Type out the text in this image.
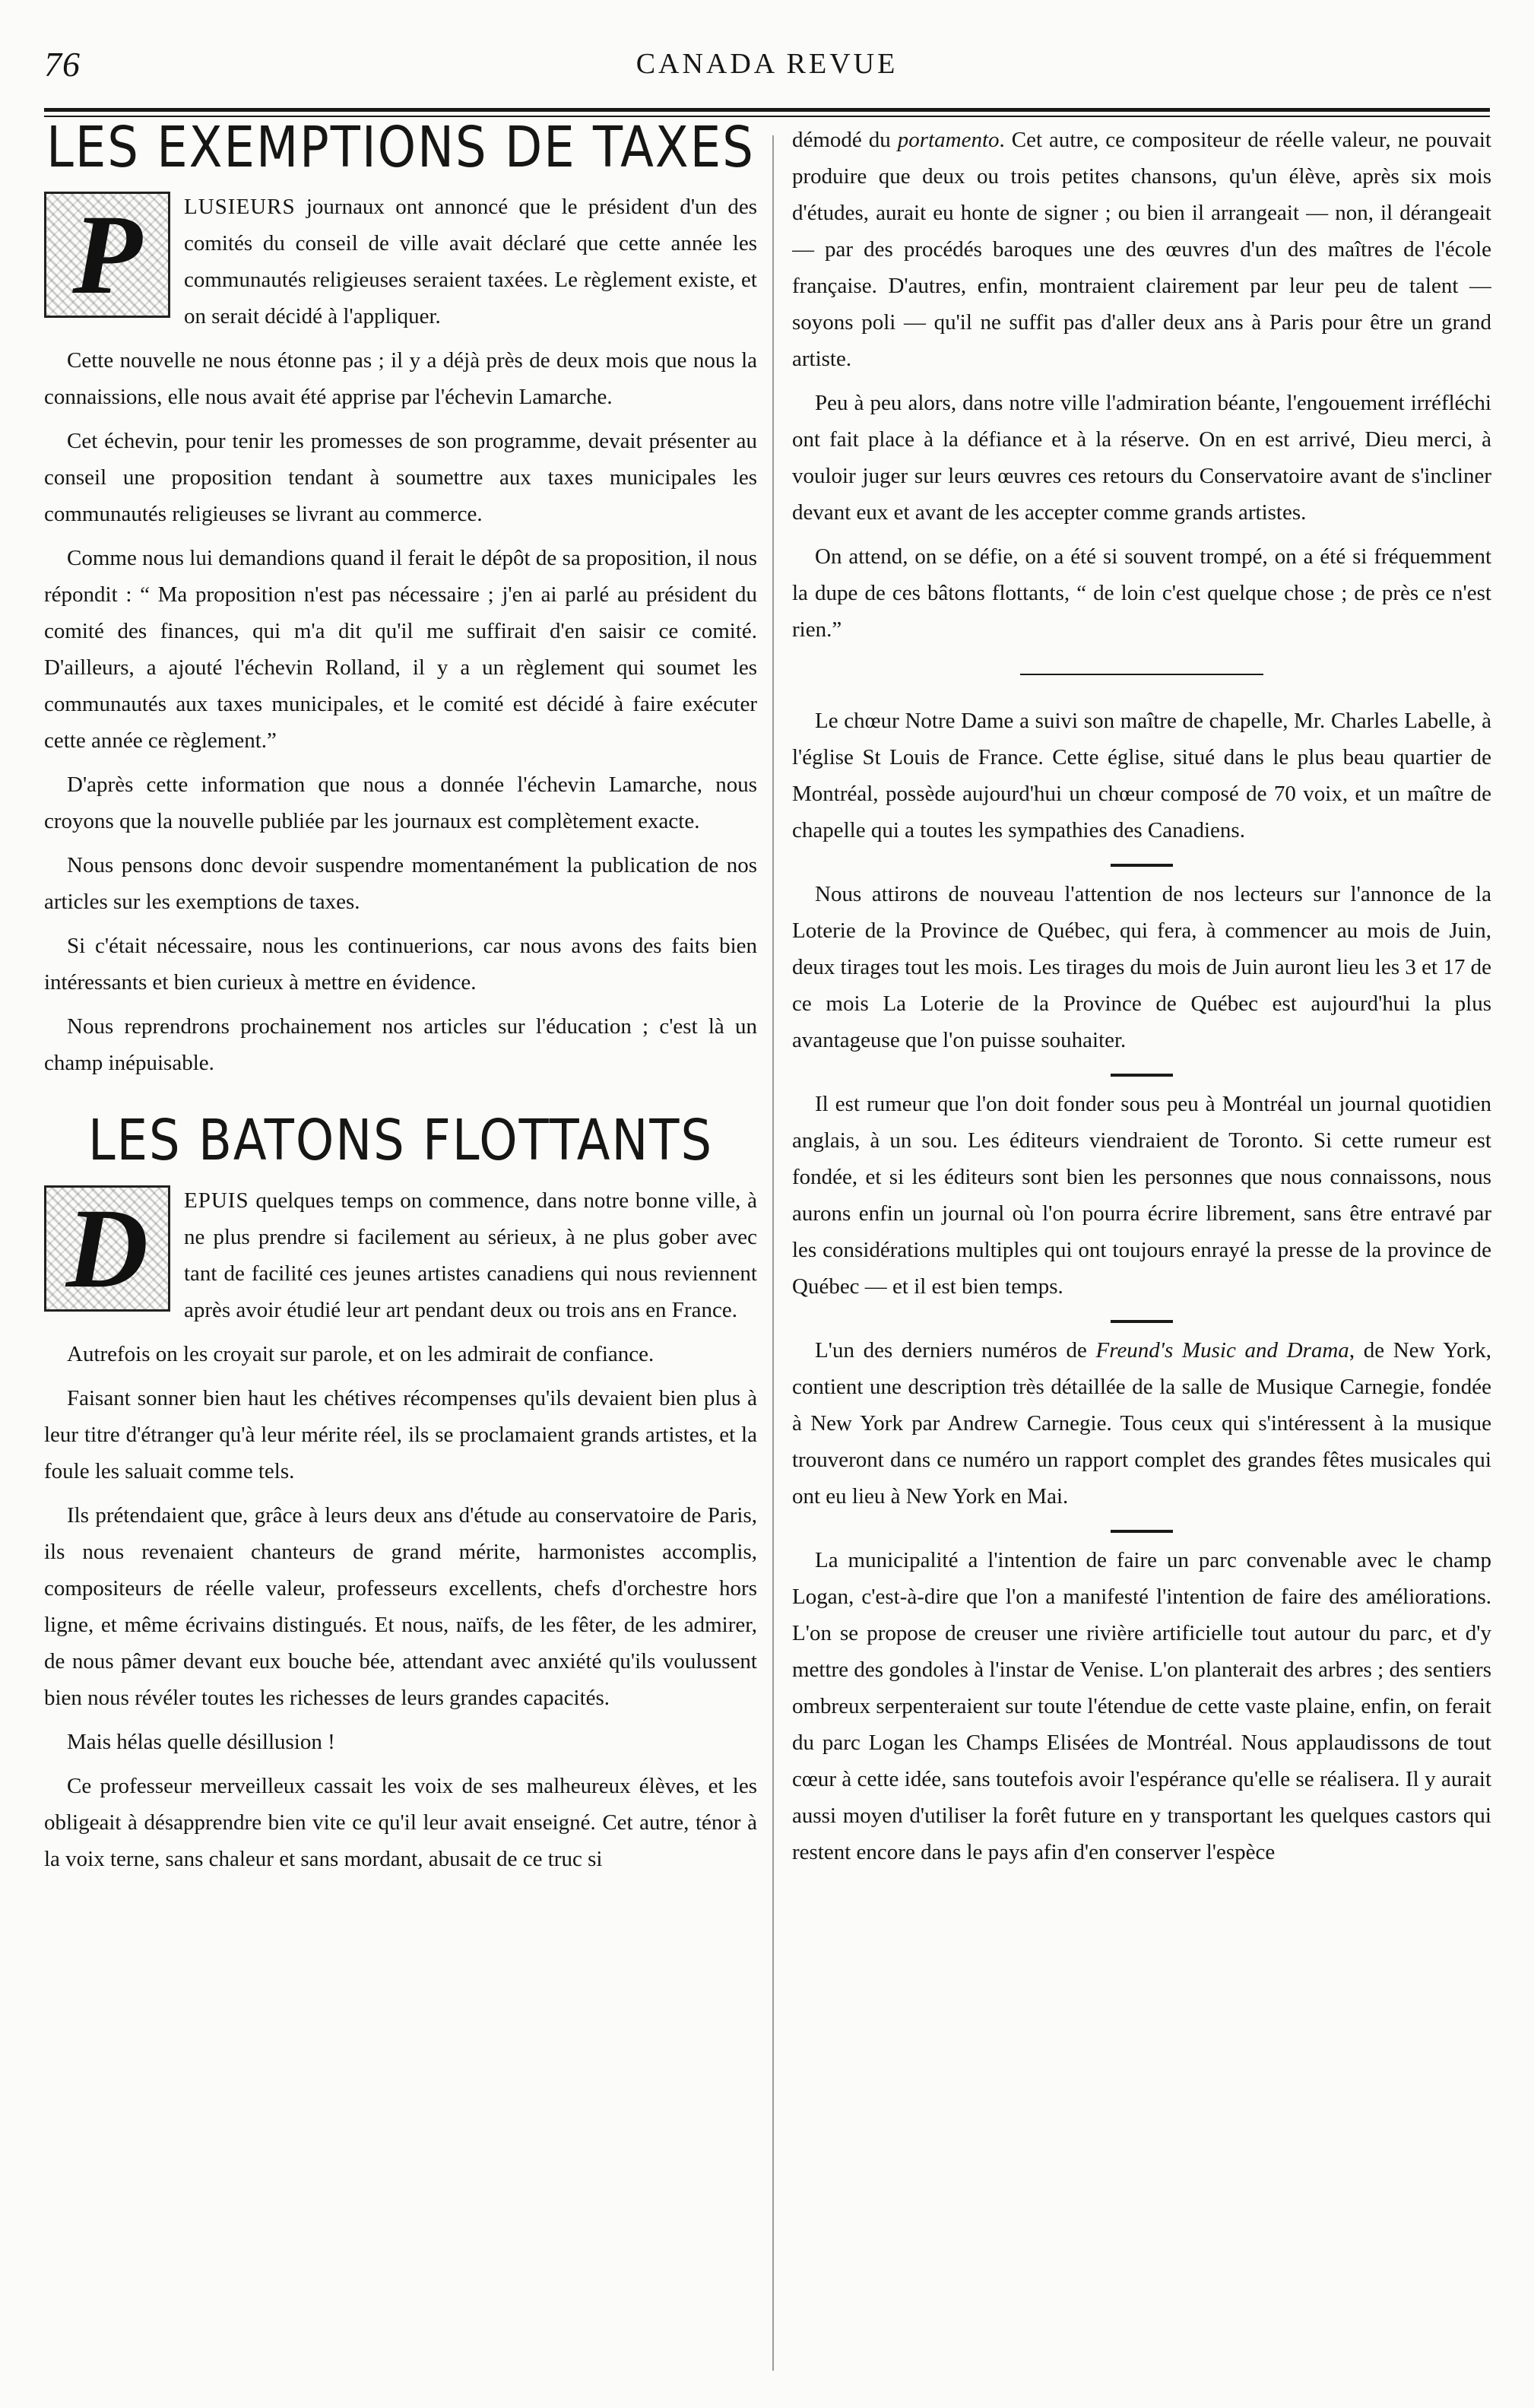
76	CANADA REVUE
LES EXEMPTIONS DE TAXES

P	LUSIEURS journaux ont annoncé que le président d'un des comités du conseil de ville avait déclaré que cette année les communautés religieuses seraient taxées. Le règlement existe, et on serait décidé à l'appliquer.

Cette nouvelle ne nous étonne pas ; il y a déjà près de deux mois que nous la connaissions, elle nous avait été apprise par l'échevin Lamarche.

Cet échevin, pour tenir les promesses de son programme, devait présenter au conseil une proposition tendant à soumettre aux taxes municipales les communautés religieuses se livrant au commerce.

Comme nous lui demandions quand il ferait le dépôt de sa proposition, il nous répondit : “ Ma proposition n'est pas nécessaire ; j'en ai parlé au président du comité des finances, qui m'a dit qu'il me suffirait d'en saisir ce comité. D'ailleurs, a ajouté l'échevin Rolland, il y a un règlement qui soumet les communautés aux taxes municipales, et le comité est décidé à faire exécuter cette année ce règlement.”

D'après cette information que nous a donnée l'échevin Lamarche, nous croyons que la nouvelle publiée par les journaux est complètement exacte.

Nous pensons donc devoir suspendre momentanément la publication de nos articles sur les exemptions de taxes.

Si c'était nécessaire, nous les continuerions, car nous avons des faits bien intéressants et bien curieux à mettre en évidence.

Nous reprendrons prochainement nos articles sur l'éducation ; c'est là un champ inépuisable.

LES BATONS FLOTTANTS

D	EPUIS quelques temps on commence, dans notre bonne ville, à ne plus prendre si facilement au sérieux, à ne plus gober avec tant de facilité ces jeunes artistes canadiens qui nous reviennent après avoir étudié leur art pendant deux ou trois ans en France.

Autrefois on les croyait sur parole, et on les admirait de confiance.

Faisant sonner bien haut les chétives récompenses qu'ils devaient bien plus à leur titre d'étranger qu'à leur mérite réel, ils se proclamaient grands artistes, et la foule les saluait comme tels.

Ils prétendaient que, grâce à leurs deux ans d'étude au conservatoire de Paris, ils nous revenaient chanteurs de grand mérite, harmonistes accomplis, compositeurs de réelle valeur, professeurs excellents, chefs d'orchestre hors ligne, et même écrivains distingués. Et nous, naïfs, de les fêter, de les admirer, de nous pâmer devant eux bouche bée, attendant avec anxiété qu'ils voulussent bien nous révéler toutes les richesses de leurs grandes capacités.

Mais hélas quelle désillusion !

Ce professeur merveilleux cassait les voix de ses malheureux élèves, et les obligeait à désapprendre bien vite ce qu'il leur avait enseigné. Cet autre, ténor à la voix terne, sans chaleur et sans mordant, abusait de ce truc si

démodé du portamento. Cet autre, ce compositeur de réelle valeur, ne pouvait produire que deux ou trois petites chansons, qu'un élève, après six mois d'études, aurait eu honte de signer ; ou bien il arrangeait — non, il dérangeait — par des procédés baroques une des œuvres d'un des maîtres de l'école française. D'autres, enfin, montraient clairement par leur peu de talent — soyons poli — qu'il ne suffit pas d'aller deux ans à Paris pour être un grand artiste.

Peu à peu alors, dans notre ville l'admiration béante, l'engouement irréfléchi ont fait place à la défiance et à la réserve. On en est arrivé, Dieu merci, à vouloir juger sur leurs œuvres ces retours du Conservatoire avant de s'incliner devant eux et avant de les accepter comme grands artistes.

On attend, on se défie, on a été si souvent trompé, on a été si fréquemment la dupe de ces bâtons flottants, “ de loin c'est quelque chose ; de près ce n'est rien.”

Le chœur Notre Dame a suivi son maître de chapelle, Mr. Charles Labelle, à l'église St Louis de France. Cette église, situé dans le plus beau quartier de Montréal, possède aujourd'hui un chœur composé de 70 voix, et un maître de chapelle qui a toutes les sympathies des Canadiens.

Nous attirons de nouveau l'attention de nos lecteurs sur l'annonce de la Loterie de la Province de Québec, qui fera, à commencer au mois de Juin, deux tirages tout les mois. Les tirages du mois de Juin auront lieu les 3 et 17 de ce mois La Loterie de la Province de Québec est aujourd'hui la plus avantageuse que l'on puisse souhaiter.

Il est rumeur que l'on doit fonder sous peu à Montréal un journal quotidien anglais, à un sou. Les éditeurs viendraient de Toronto. Si cette rumeur est fondée, et si les éditeurs sont bien les personnes que nous connaissons, nous aurons enfin un journal où l'on pourra écrire librement, sans être entravé par les considérations multiples qui ont toujours enrayé la presse de la province de Québec — et il est bien temps.

L'un des derniers numéros de Freund's Music and Drama, de New York, contient une description très détaillée de la salle de Musique Carnegie, fondée à New York par Andrew Carnegie. Tous ceux qui s'intéressent à la musique trouveront dans ce numéro un rapport complet des grandes fêtes musicales qui ont eu lieu à New York en Mai.

La municipalité a l'intention de faire un parc convenable avec le champ Logan, c'est-à-dire que l'on a manifesté l'intention de faire des améliorations. L'on se propose de creuser une rivière artificielle tout autour du parc, et d'y mettre des gondoles à l'instar de Venise. L'on planterait des arbres ; des sentiers ombreux serpenteraient sur toute l'étendue de cette vaste plaine, enfin, on ferait du parc Logan les Champs Elisées de Montréal. Nous applaudissons de tout cœur à cette idée, sans toutefois avoir l'espérance qu'elle se réalisera. Il y aurait aussi moyen d'utiliser la forêt future en y transportant les quelques castors qui restent encore dans le pays afin d'en conserver l'espèce
